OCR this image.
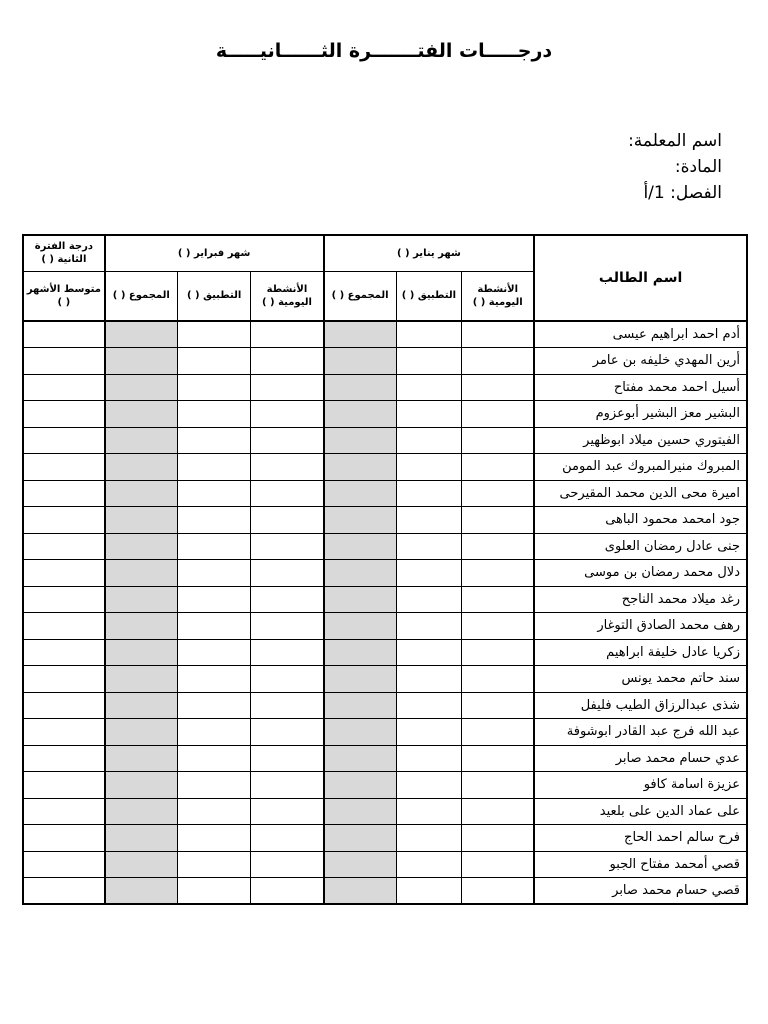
درجـــــات الفتـــــــرة الثــــــانيـــــة
اسم المعلمة:
المادة:
الفصل: 1/أ
اسم الطالب	شهر يناير ( )			شهر فبراير ( )			درجة الفترة الثانية ( )
	الأنشطة اليومية ( )	التطبيق ( )	المجموع ( )	الأنشطة اليومية ( )	التطبيق ( )	المجموع ( )	متوسط الأشهر ( )
أدم احمد ابراهيم عيسى							
أرين المهدي خليفه بن عامر							
أسيل احمد محمد مفتاح							
البشير معز البشير أبوعزوم							
الفيتوري حسين ميلاد ابوظهير							
المبروك منيرالمبروك عبد المومن							
اميرة محى الدين محمد المقيرحى							
جود امحمد محمود الباهى							
جنى عادل رمضان العلوى							
دلال محمد رمضان بن موسى							
رغد ميلاد محمد الناجح							
رهف محمد الصادق التوغار							
زكريا عادل خليفة ابراهيم							
سند حاتم محمد يونس							
شذى عبدالرزاق الطيب فليفل							
عبد الله فرج عبد القادر ابوشوفة							
عدي حسام محمد صابر							
عزيزة اسامة كافو							
على عماد الدين على بلعيد							
فرح سالم احمد الحاج							
قصي أمحمد مفتاح الجبو							
قصي حسام محمد صابر							
